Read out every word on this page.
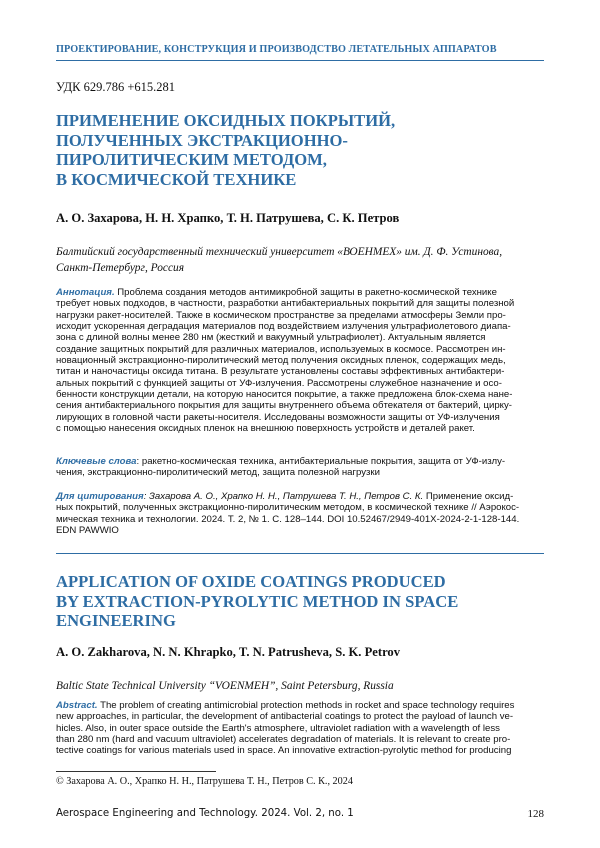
ПРОЕКТИРОВАНИЕ, КОНСТРУКЦИЯ И ПРОИЗВОДСТВО ЛЕТАТЕЛЬНЫХ АППАРАТОВ
УДК 629.786 +615.281
ПРИМЕНЕНИЕ ОКСИДНЫХ ПОКРЫТИЙ,
ПОЛУЧЕННЫХ ЭКСТРАКЦИОННО-
ПИРОЛИТИЧЕСКИМ МЕТОДОМ,
В КОСМИЧЕСКОЙ ТЕХНИКЕ
А. О. Захарова, Н. Н. Храпко, Т. Н. Патрушева, С. К. Петров
Балтийский государственный технический университет «ВОЕНМЕХ» им. Д. Ф. Устинова,
Санкт-Петербург, Россия
Аннотация. Проблема создания методов антимикробной защиты в ракетно-космической технике
требует новых подходов, в частности, разработки антибактериальных покрытий для защиты полезной
нагрузки ракет-носителей. Также в космическом пространстве за пределами атмосферы Земли про-
исходит ускоренная деградация материалов под воздействием излучения ультрафиолетового диапа-
зона с длиной волны менее 280 нм (жесткий и вакуумный ультрафиолет). Актуальным является
создание защитных покрытий для различных материалов, используемых в космосе. Рассмотрен ин-
новационный экстракционно-пиролитический метод получения оксидных пленок, содержащих медь,
титан и наночастицы оксида титана. В результате установлены составы эффективных антибактери-
альных покрытий с функцией защиты от УФ-излучения. Рассмотрены служебное назначение и осо-
бенности конструкции детали, на которую наносится покрытие, а также предложена блок-схема нане-
сения антибактериального покрытия для защиты внутреннего объема обтекателя от бактерий, цирку-
лирующих в головной части ракеты-носителя. Исследованы возможности защиты от УФ-излучения
с помощью нанесения оксидных пленок на внешнюю поверхность устройств и деталей ракет.
Ключевые слова: ракетно-космическая техника, антибактериальные покрытия, защита от УФ-излу-
чения, экстракционно-пиролитический метод, защита полезной нагрузки
Для цитирования: Захарова А. О., Храпко Н. Н., Патрушева Т. Н., Петров С. К. Применение оксид-
ных покрытий, полученных экстракционно-пиролитическим методом, в космической технике // Аэрокос-
мическая техника и технологии. 2024. Т. 2, № 1. С. 128–144. DOI 10.52467/2949-401X-2024-2-1-128-144.
EDN PAWWIO
APPLICATION OF OXIDE COATINGS PRODUCED
BY EXTRACTION-PYROLYTIC METHOD IN SPACE
ENGINEERING
A. O. Zakharova, N. N. Khrapko, T. N. Patrusheva, S. K. Petrov
Baltic State Technical University “VOENMEH”, Saint Petersburg, Russia
Abstract. The problem of creating antimicrobial protection methods in rocket and space technology requires
new approaches, in particular, the development of antibacterial coatings to protect the payload of launch ve-
hicles. Also, in outer space outside the Earth's atmosphere, ultraviolet radiation with a wavelength of less
than 280 nm (hard and vacuum ultraviolet) accelerates degradation of materials. It is relevant to create pro-
tective coatings for various materials used in space. An innovative extraction-pyrolytic method for producing
© Захарова А. О., Храпко Н. Н., Патрушева Т. Н., Петров С. К., 2024
Aerospace Engineering and Technology. 2024. Vol. 2, no. 1	128
